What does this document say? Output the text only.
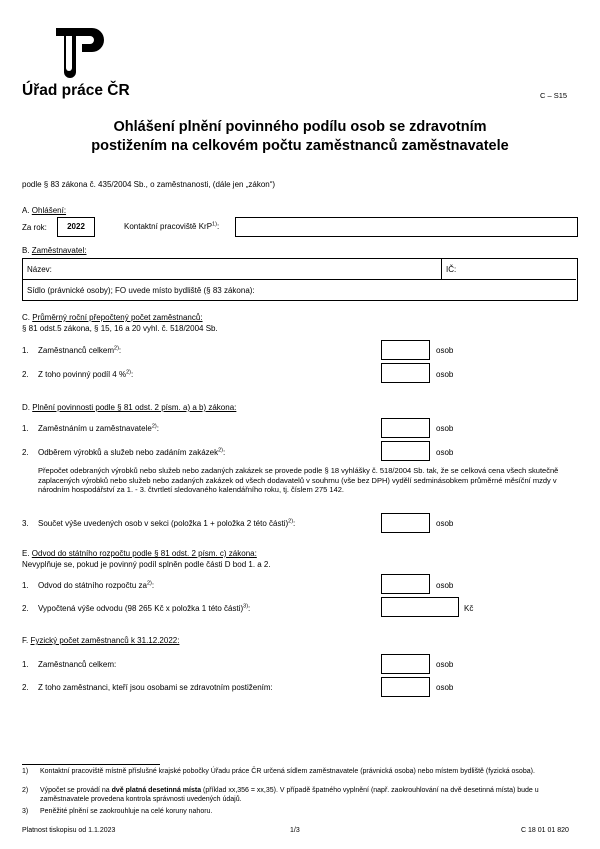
Úřad práce ČR	C – S15
Ohlášení plnění povinného podílu osob se zdravotním
postižením na celkovém počtu zaměstnanců zaměstnavatele
podle § 83 zákona č. 435/2004 Sb., o zaměstnanosti, (dále jen „zákon“)
A. Ohlášení:
Za rok:	2022	Kontaktní pracoviště KrP$^{1)}$:
B. Zaměstnavatel:
Název:	IČ:
Sídlo (právnické osoby); FO uvede místo bydliště (§ 83 zákona):
C. Průměrný roční přepočtený počet zaměstnanců:
§ 81 odst.5 zákona, § 15, 16 a 20 vyhl. č. 518/2004 Sb.
1. Zaměstnanců celkem$^{2)}$:	osob
2. Z toho povinný podíl 4 %$^{2)}$:	osob
D. Plnění povinnosti podle § 81 odst. 2 písm. a) a b) zákona:
1. Zaměstnáním u zaměstnavatele$^{2)}$:	osob
2. Odběrem výrobků a služeb nebo zadáním zakázek$^{2)}$:	osob
Přepočet odebraných výrobků nebo služeb nebo zadaných zakázek se provede podle § 18 vyhlášky č. 518/2004 Sb. tak, že se celková cena všech skutečně zaplacených výrobků nebo služeb nebo zadaných zakázek od všech dodavatelů v souhrnu (vše bez DPH) vydělí sedminásobkem průměrné měsíční mzdy v národním hospodářství za 1. - 3. čtvrtletí sledovaného kalendářního roku, tj. číslem 275 142.
3. Součet výše uvedených osob v sekci (položka 1 + položka 2 této části)$^{2)}$:	osob
E. Odvod do státního rozpočtu podle § 81 odst. 2 písm. c) zákona:
Nevyplňuje se, pokud je povinný podíl splněn podle části D bod 1. a 2.
1. Odvod do státního rozpočtu $za^{2)}$:	osob
2. Vypočtená výše odvodu (98 265 Kč x položka 1 této části)$^{3)}$:	Kč
F. Fyzický počet zaměstnanců k 31.12.2022:
1. Zaměstnanců celkem:	osob
2. Z toho zaměstnanci, kteří jsou osobami se zdravotním postižením:	osob
1) Kontaktní pracoviště místně příslušné krajské pobočky Úřadu práce ČR určená sídlem zaměstnavatele (právnická osoba) nebo místem bydliště (fyzická osoba).
2) Výpočet se provádí na dvě platná desetinná místa (příklad xx,356 = xx,35). V případě špatného vyplnění (např. zaokrouhlování na dvě desetinná místa) bude u zaměstnavatele provedena kontrola správnosti uvedených údajů.
3) Peněžité plnění se zaokrouhluje na celé koruny nahoru.
Platnost tiskopisu od 1.1.2023	1/3	C 18 01 01 820
